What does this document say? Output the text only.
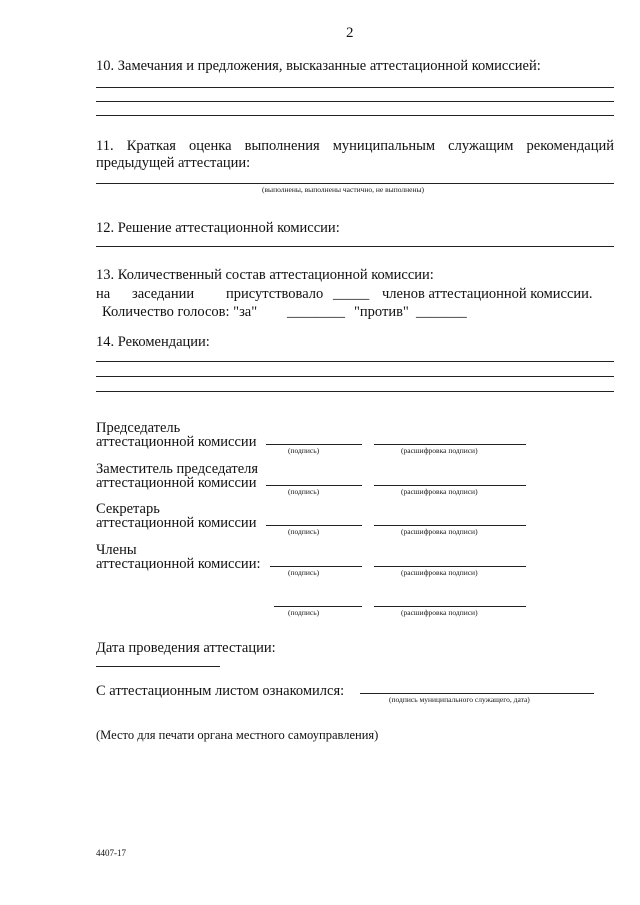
2
10. Замечания и предложения, высказанные аттестационной комиссией:
11. Краткая оценка выполнения муниципальным служащим рекомендаций
предыдущей аттестации:
(выполнены, выполнены частично, не выполнены)
12. Решение аттестационной комиссии:
13. Количественный состав аттестационной комиссии:
на заседании присутствовало _____ членов аттестационной комиссии.
Количество голосов: "за" ________ "против" _______
14. Рекомендации:
Председатель
аттестационной комиссии
(подпись)	(расшифровка подписи)
Заместитель председателя
аттестационной комиссии
(подпись)	(расшифровка подписи)
Секретарь
аттестационной комиссии
(подпись)	(расшифровка подписи)
Члены
аттестационной комиссии:
(подпись)	(расшифровка подписи)
(подпись)	(расшифровка подписи)
Дата проведения аттестации:
С аттестационным листом ознакомился:
(подпись муниципального служащего, дата)
(Место для печати органа местного самоуправления)
4407-17
